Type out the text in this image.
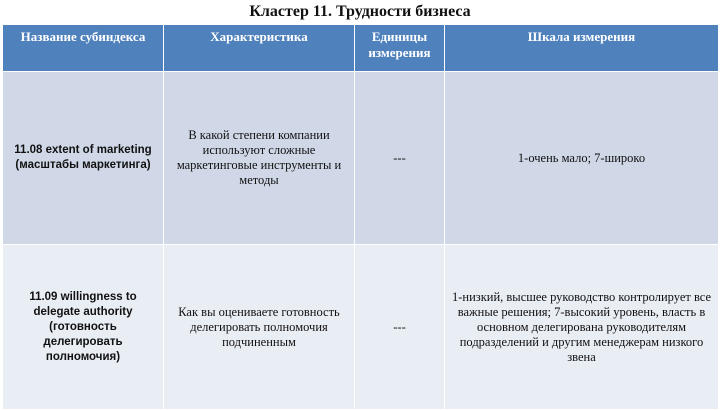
Кластер 11. Трудности бизнеса
Название субиндекса	Характеристика	Единицы измерения	Шкала измерения
11.08 extent of marketing (масштабы маркетинга)	В какой степени компании используют сложные маркетинговые инструменты и методы	---	1-очень мало; 7-широко
11.09 willingness to delegate authority (готовность делегировать полномочия)	Как вы оцениваете готовность делегировать полномочия подчиненным	---	1-низкий, высшее руководство контролирует все важные решения; 7-высокий уровень, власть в основном делегирована руководителям подразделений и другим менеджерам низкого звена
